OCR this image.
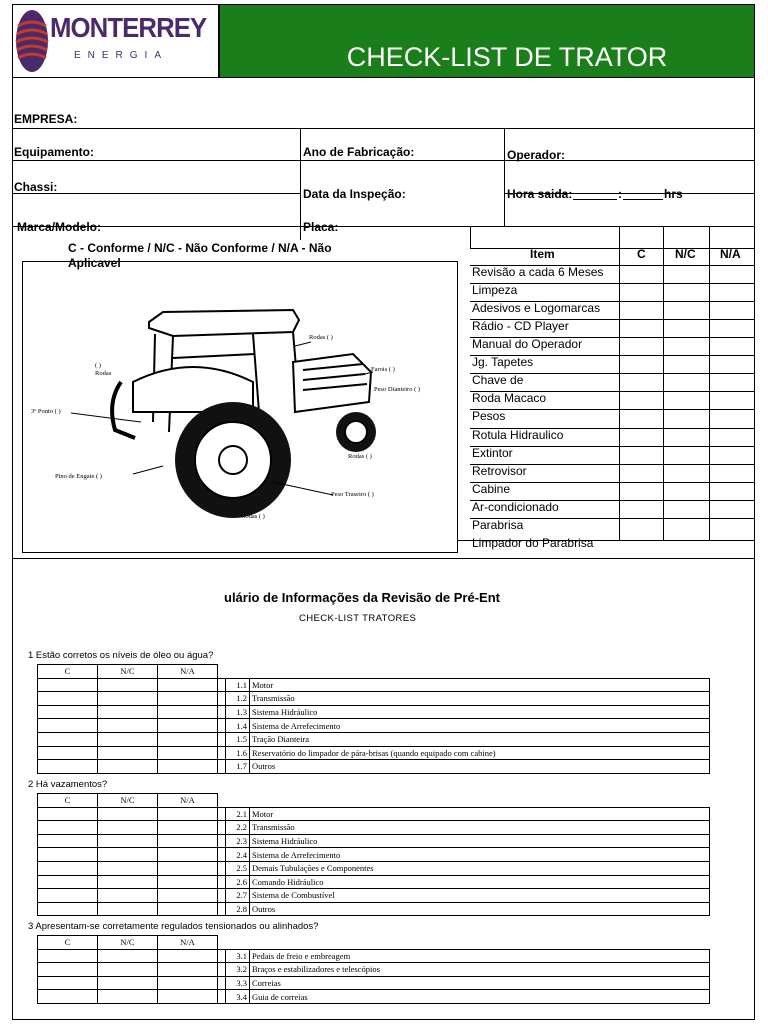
MONTERREY
ENERGIA	CHECK-LIST DE TRATOR
EMPRESA:
Equipamento:	Ano de Fabricação:	Operador:
Chassi:	Data da Inspeção:	Hora saida:	:	hrs
Marca/Modelo:	Placa:
C - Conforme / N/C - Não Conforme / N/A - Não Aplicavel
Rodas ( )
( )
Rodas
Farois ( )
Peso Dianteiro ( )
3º Ponto ( )
Rodas ( )
Pino de Engate ( )
Peso Traseiro ( )
Rodas ( )
Item	C N/C N/A
Revisão a cada 6 Meses
Limpeza
Adesivos e Logomarcas
Rádio - CD Player
Manual do Operador
Jg. Tapetes
Chave de
Roda Macaco
Pesos
Rotula Hidraulico
Extintor
Retrovisor
Cabine
Ar-condicionado
Parabrisa
Limpador do Parabrisa
ulário de Informações da Revisão de Pré-Ent
CHECK-LIST TRATORES
1 Estão corretos os níveis de óleo ou água?
C	N/C	N/A			
				1.1	Motor
				1.2	Transmissão
				1.3	Sistema Hidráulico
				1.4	Sistema de Arrefecimento
				1.5	Tração Dianteira
				1.6	Reservatório do limpador de pára-brisas (quando equipado com cabine)
				1.7	Outros
2 Há vazamentos?
C	N/C	N/A			
				2.1	Motor
				2.2	Transmissão
				2.3	Sistema Hidráulico
				2.4	Sistema de Arrefecimento
				2.5	Demais Tubulações e Componentes
				2.6	Comando Hidráulico
				2.7	Sistema de Combustível
				2.8	Outros
3 Apresentam-se corretamente regulados tensionados ou alinhados?
C	N/C	N/A			
				3.1	Pedais de freio e embreagem
				3.2	Braços e estabilizadores e telescópios
				3.3	Correias
				3.4	Guia de correias
